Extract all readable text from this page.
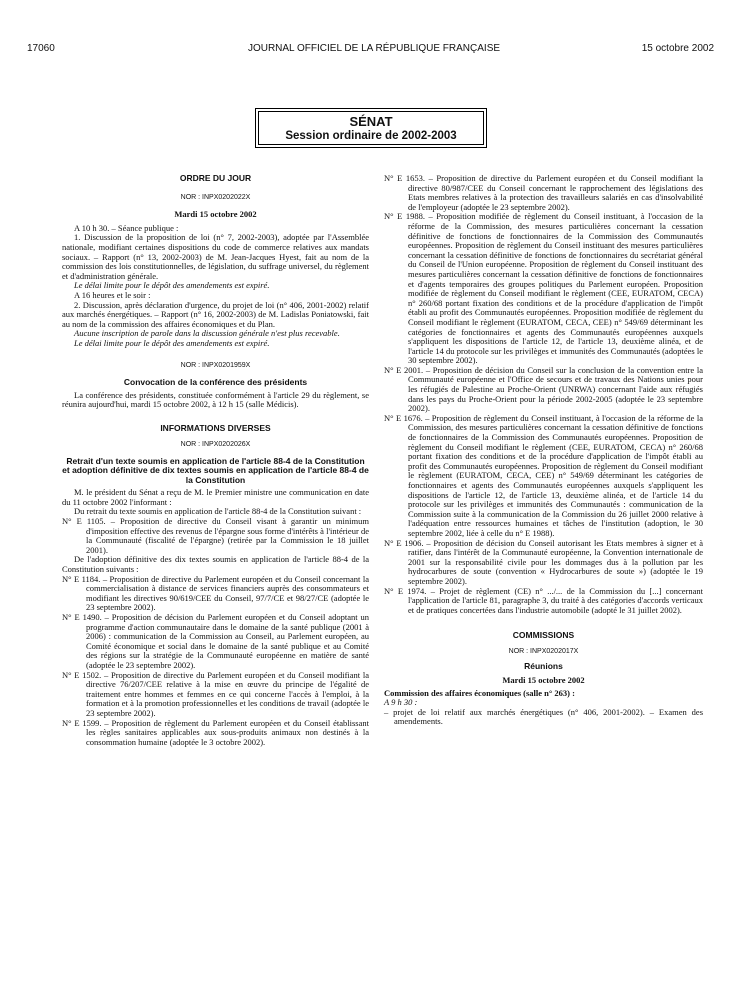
17060	JOURNAL OFFICIEL DE LA RÉPUBLIQUE FRANÇAISE	15 octobre 2002
SÉNAT
Session ordinaire de 2002-2003
ORDRE DU JOUR
NOR : INPX0202022X
Mardi 15 octobre 2002

A 10 h 30. – Séance publique :

1. Discussion de la proposition de loi (n° 7, 2002-2003), adoptée par l'Assemblée nationale, modifiant certaines dispositions du code de commerce relatives aux mandats sociaux. – Rapport (n° 13, 2002-2003) de M. Jean-Jacques Hyest, fait au nom de la commission des lois constitutionnelles, de législation, du suffrage universel, du règlement et d'administration générale.

Le délai limite pour le dépôt des amendements est expiré.

A 16 heures et le soir :

2. Discussion, après déclaration d'urgence, du projet de loi (n° 406, 2001-2002) relatif aux marchés énergétiques. – Rapport (n° 16, 2002-2003) de M. Ladislas Poniatowski, fait au nom de la commission des affaires économiques et du Plan.

Aucune inscription de parole dans la discussion générale n'est plus recevable.

Le délai limite pour le dépôt des amendements est expiré.

NOR : INPX0201959X
Convocation de la conférence des présidents

La conférence des présidents, constituée conformément à l'article 29 du règlement, se réunira aujourd'hui, mardi 15 octobre 2002, à 12 h 15 (salle Médicis).

INFORMATIONS DIVERSES
NOR : INPX0202026X
Retrait d'un texte soumis en application de l'article 88-4 de la Constitution et adoption définitive de dix textes soumis en application de l'article 88-4 de la Constitution

M. le président du Sénat a reçu de M. le Premier ministre une communication en date du 11 octobre 2002 l'informant :

Du retrait du texte soumis en application de l'article 88-4 de la Constitution suivant :

N° E 1105. – Proposition de directive du Conseil visant à garantir un minimum d'imposition effective des revenus de l'épargne sous forme d'intérêts à l'intérieur de la Communauté (fiscalité de l'épargne) (retirée par la Commission le 18 juillet 2001).

De l'adoption définitive des dix textes soumis en application de l'article 88-4 de la Constitution suivants :

N° E 1184. – Proposition de directive du Parlement européen et du Conseil concernant la commercialisation à distance de services financiers auprès des consommateurs et modifiant les directives 90/619/CEE du Conseil, 97/7/CE et 98/27/CE (adoptée le 23 septembre 2002).

N° E 1490. – Proposition de décision du Parlement européen et du Conseil adoptant un programme d'action communautaire dans le domaine de la santé publique (2001 à 2006) : communication de la Commission au Conseil, au Parlement européen, au Comité économique et social dans le domaine de la santé publique et au Comité des régions sur la stratégie de la Communauté européenne en matière de santé (adoptée le 23 septembre 2002).

N° E 1502. – Proposition de directive du Parlement européen et du Conseil modifiant la directive 76/207/CEE relative à la mise en œuvre du principe de l'égalité de traitement entre hommes et femmes en ce qui concerne l'accès à l'emploi, à la formation et à la promotion professionnelles et les conditions de travail (adoptée le 23 septembre 2002).

N° E 1599. – Proposition de règlement du Parlement européen et du Conseil établissant les règles sanitaires applicables aux sous-produits animaux non destinés à la consommation humaine (adoptée le 3 octobre 2002).

N° E 1653. – Proposition de directive du Parlement européen et du Conseil modifiant la directive 80/987/CEE du Conseil concernant le rapprochement des législations des Etats membres relatives à la protection des travailleurs salariés en cas d'insolvabilité de l'employeur (adoptée le 23 septembre 2002).

N° E 1988. – Proposition modifiée de règlement du Conseil instituant, à l'occasion de la réforme de la Commission, des mesures particulières concernant la cessation définitive de fonctions de fonctionnaires de la Commission des Communautés européennes. Proposition de règlement du Conseil instituant des mesures particulières concernant la cessation définitive de fonctions de fonctionnaires du secrétariat général du Conseil de l'Union européenne. Proposition de règlement du Conseil instituant des mesures particulières concernant la cessation définitive de fonctions de fonctionnaires et d'agents temporaires des groupes politiques du Parlement européen. Proposition modifiée de règlement du Conseil modifiant le règlement (CEE, EURATOM, CECA) n° 260/68 portant fixation des conditions et de la procédure d'application de l'impôt établi au profit des Communautés européennes. Proposition modifiée de règlement du Conseil modifiant le règlement (EURATOM, CECA, CEE) n° 549/69 déterminant les catégories de fonctionnaires et agents des Communautés européennes auxquels s'appliquent les dispositions de l'article 12, de l'article 13, deuxième alinéa, et de l'article 14 du protocole sur les privilèges et immunités des Communautés (adoptées le 30 septembre 2002).

N° E 2001. – Proposition de décision du Conseil sur la conclusion de la convention entre la Communauté européenne et l'Office de secours et de travaux des Nations unies pour les réfugiés de Palestine au Proche-Orient (UNRWA) concernant l'aide aux réfugiés dans les pays du Proche-Orient pour la période 2002-2005 (adoptée le 23 septembre 2002).

N° E 1676. – Proposition de règlement du Conseil instituant, à l'occasion de la réforme de la Commission, des mesures particulières concernant la cessation définitive de fonctions de fonctionnaires de la Commission des Communautés européennes. Proposition de règlement du Conseil modifiant le règlement (CEE, EURATOM, CECA) n° 260/68 portant fixation des conditions et de la procédure d'application de l'impôt établi au profit des Communautés européennes. Proposition de règlement du Conseil modifiant le règlement (EURATOM, CECA, CEE) n° 549/69 déterminant les catégories de fonctionnaires et agents des Communautés européennes auxquels s'appliquent les dispositions de l'article 12, de l'article 13, deuxième alinéa, et de l'article 14 du protocole sur les privilèges et immunités des Communautés : communication de la Commission suite à la communication de la Commission du 26 juillet 2000 relative à l'adéquation entre ressources humaines et tâches de l'institution (adoption, le 30 septembre 2002, liée à celle du n° E 1988).

N° E 1906. – Proposition de décision du Conseil autorisant les Etats membres à signer et à ratifier, dans l'intérêt de la Communauté européenne, la Convention internationale de 2001 sur la responsabilité civile pour les dommages dus à la pollution par les hydrocarbures de soute (convention « Hydrocarbures de soute ») (adoptée le 19 septembre 2002).

N° E 1974. – Projet de règlement (CE) n° .../... de la Commission du [...] concernant l'application de l'article 81, paragraphe 3, du traité à des catégories d'accords verticaux et de pratiques concertées dans l'industrie automobile (adopté le 31 juillet 2002).

COMMISSIONS
NOR : INPX0202017X
Réunions
Mardi 15 octobre 2002

Commission des affaires économiques (salle n° 263) :

A 9 h 30 :

– projet de loi relatif aux marchés énergétiques (n° 406, 2001-2002). – Examen des amendements.
